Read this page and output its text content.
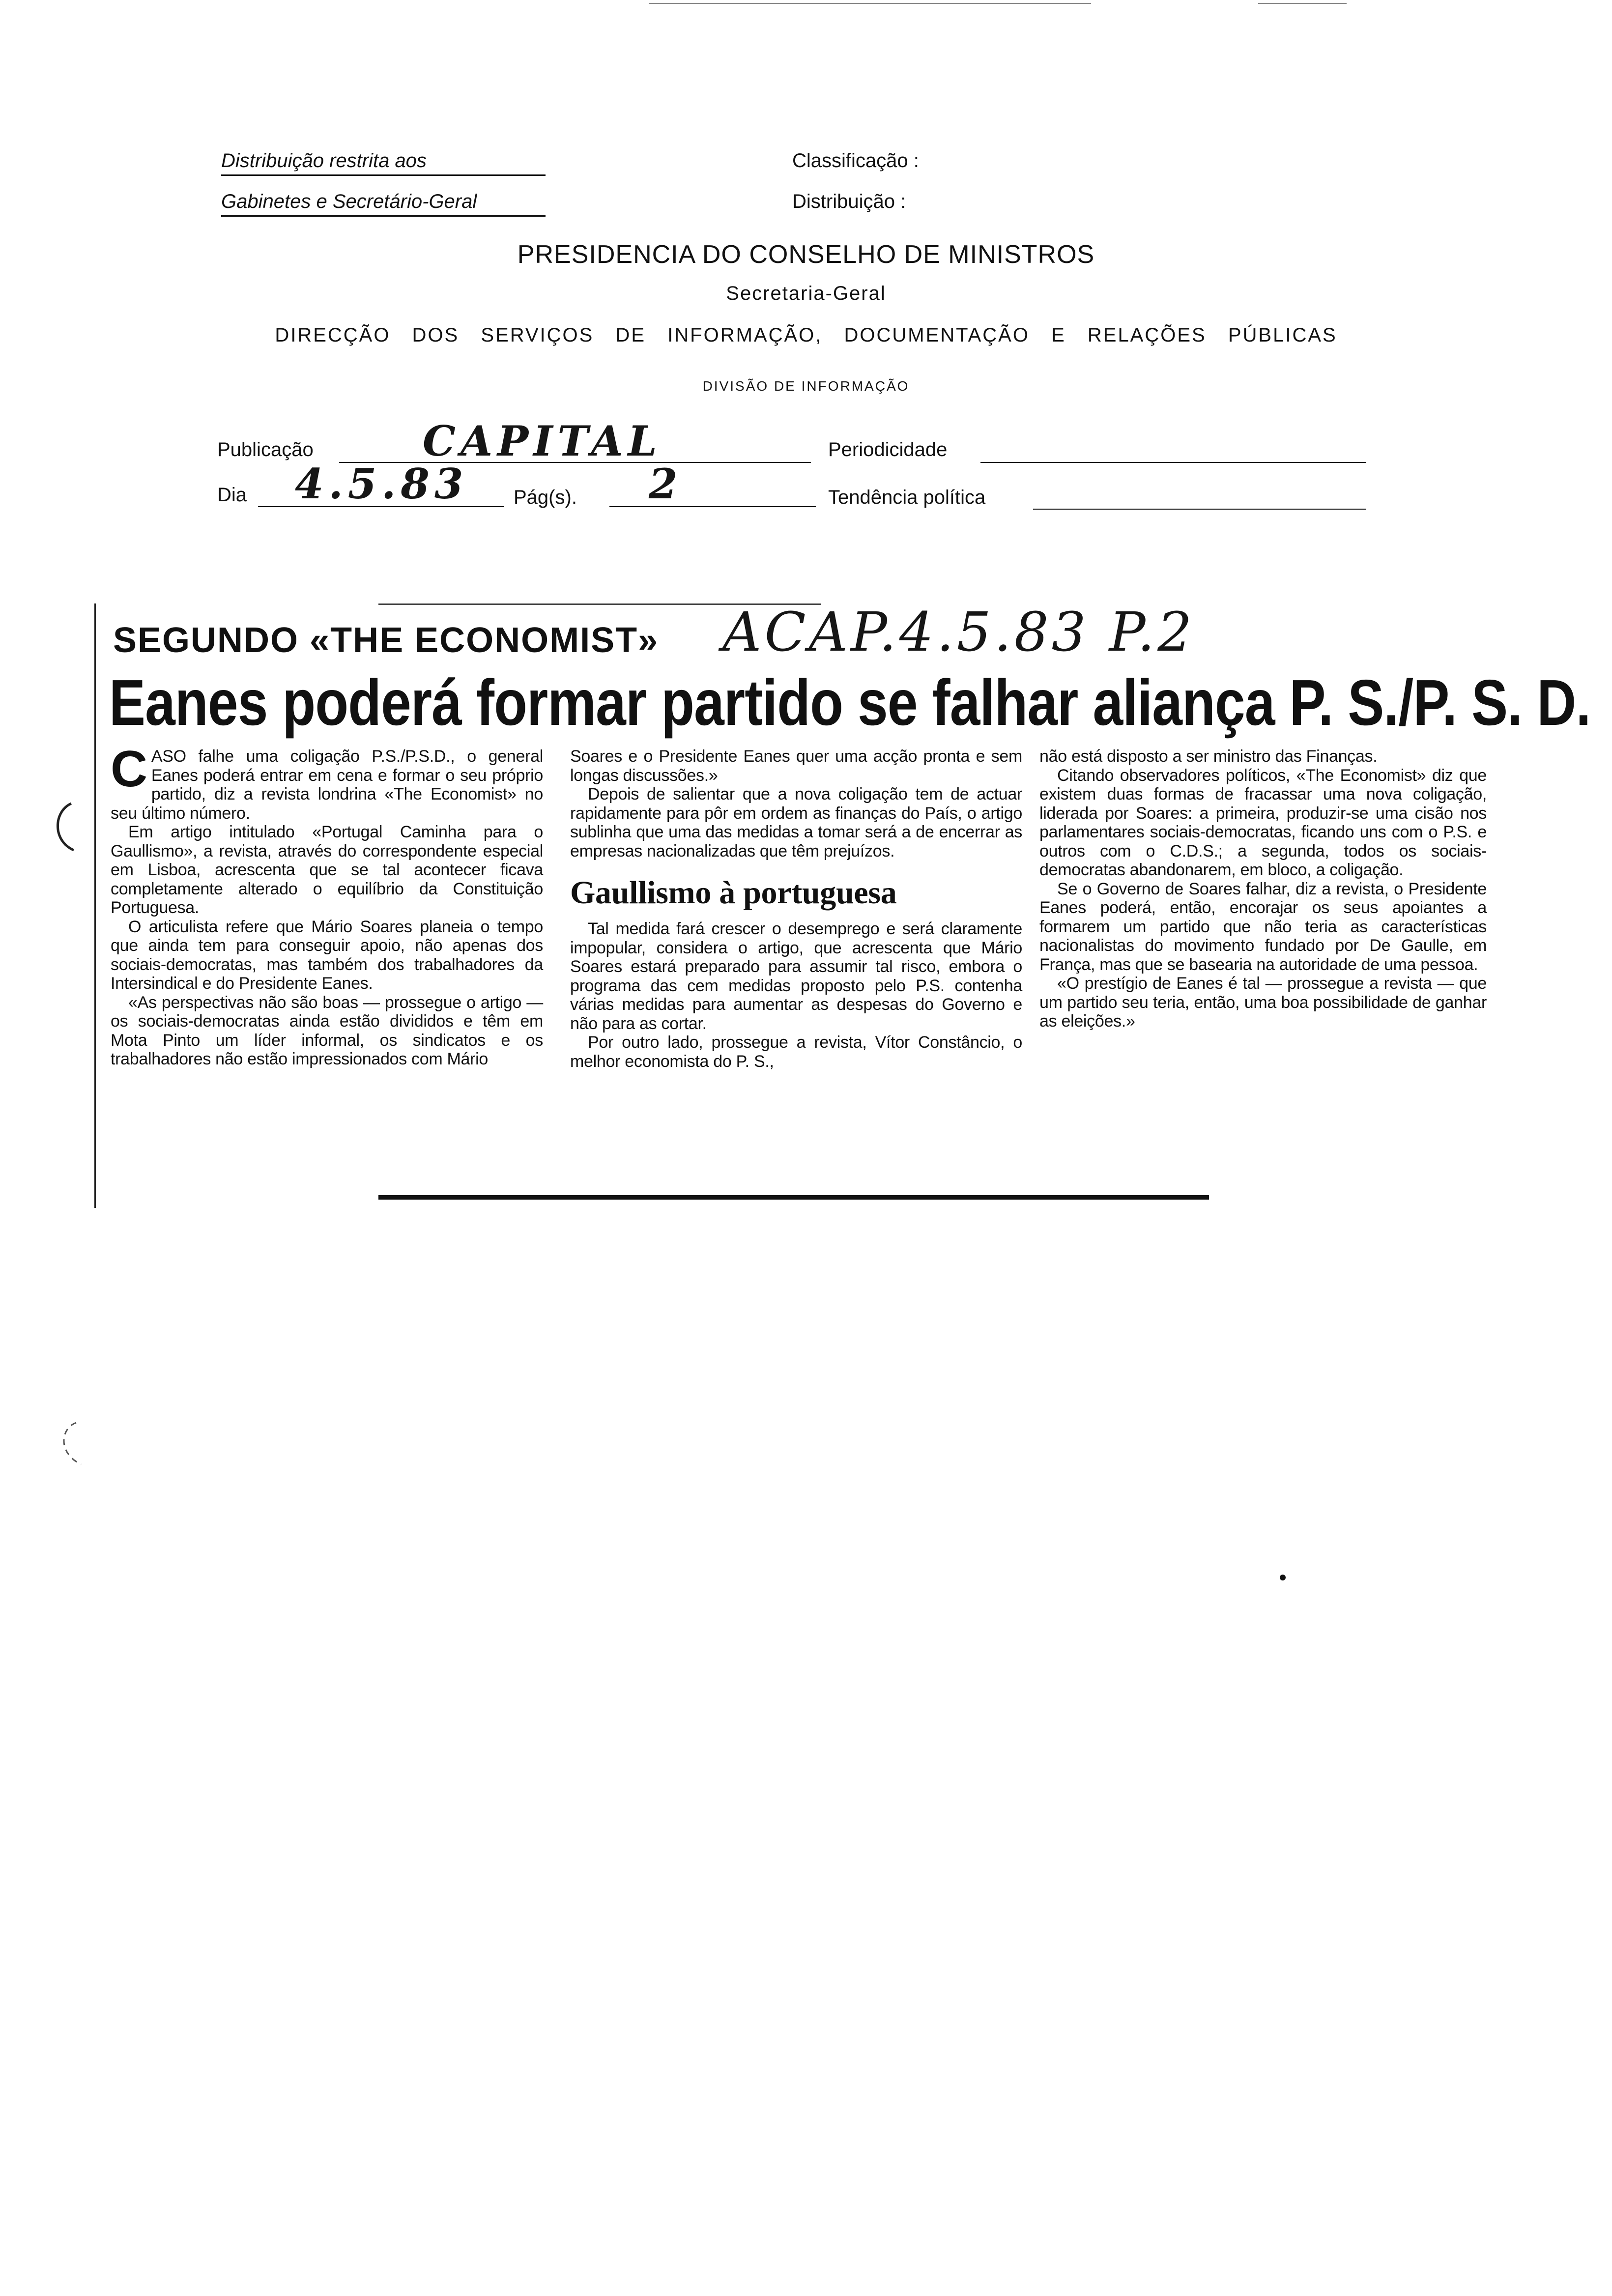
Distribuição restrita aos
Gabinetes e Secretário-Geral
Classificação :
Distribuição :
PRESIDENCIA DO CONSELHO DE MINISTROS
Secretaria-Geral
DIRECÇÃO DOS SERVIÇOS DE INFORMAÇÃO, DOCUMENTAÇÃO E RELAÇÕES PÚBLICAS
DIVISÃO DE INFORMAÇÃO
Publicação	CAPITAL	Periodicidade
Dia 4.5.83 Pág(s). 2	Tendência política
SEGUNDO «THE ECONOMIST» ACAP.4.5.83 P.2
Eanes poderá formar partido se falhar aliança P. S./P. S. D.

CASO falhe uma coligação P.S./P.S.D., o general Eanes poderá entrar em cena e formar o seu próprio partido, diz a revista londrina «The Economist» no seu último número.

Em artigo intitulado «Portugal Caminha para o Gaullismo», a revista, através do correspondente especial em Lisboa, acrescenta que se tal acontecer ficava completamente alterado o equilíbrio da Constituição Portuguesa.

O articulista refere que Mário Soares planeia o tempo que ainda tem para conseguir apoio, não apenas dos sociais-democratas, mas também dos trabalhadores da Intersindical e do Presidente Eanes.

«As perspectivas não são boas — prossegue o artigo — os sociais-democratas ainda estão divididos e têm em Mota Pinto um líder informal, os sindicatos e os trabalhadores não estão impressionados com Mário

Soares e o Presidente Eanes quer uma acção pronta e sem longas discussões.»

Depois de salientar que a nova coligação tem de actuar rapidamente para pôr em ordem as finanças do País, o artigo sublinha que uma das medidas a tomar será a de encerrar as empresas nacionalizadas que têm prejuízos.

Gaullismo à portuguesa

Tal medida fará crescer o desemprego e será claramente impopular, considera o artigo, que acrescenta que Mário Soares estará preparado para assumir tal risco, embora o programa das cem medidas proposto pelo P.S. contenha várias medidas para aumentar as despesas do Governo e não para as cortar.

Por outro lado, prossegue a revista, Vítor Constâncio, o melhor economista do P. S.,

não está disposto a ser ministro das Finanças.

Citando observadores políticos, «The Economist» diz que existem duas formas de fracassar uma nova coligação, liderada por Soares: a primeira, produzir-se uma cisão nos parlamentares sociais-democratas, ficando uns com o P.S. e outros com o C.D.S.; a segunda, todos os sociais-democratas abandonarem, em bloco, a coligação.

Se o Governo de Soares falhar, diz a revista, o Presidente Eanes poderá, então, encorajar os seus apoiantes a formarem um partido que não teria as características nacionalistas do movimento fundado por De Gaulle, em França, mas que se basearia na autoridade de uma pessoa.

«O prestígio de Eanes é tal — prossegue a revista — que um partido seu teria, então, uma boa possibilidade de ganhar as eleições.»
